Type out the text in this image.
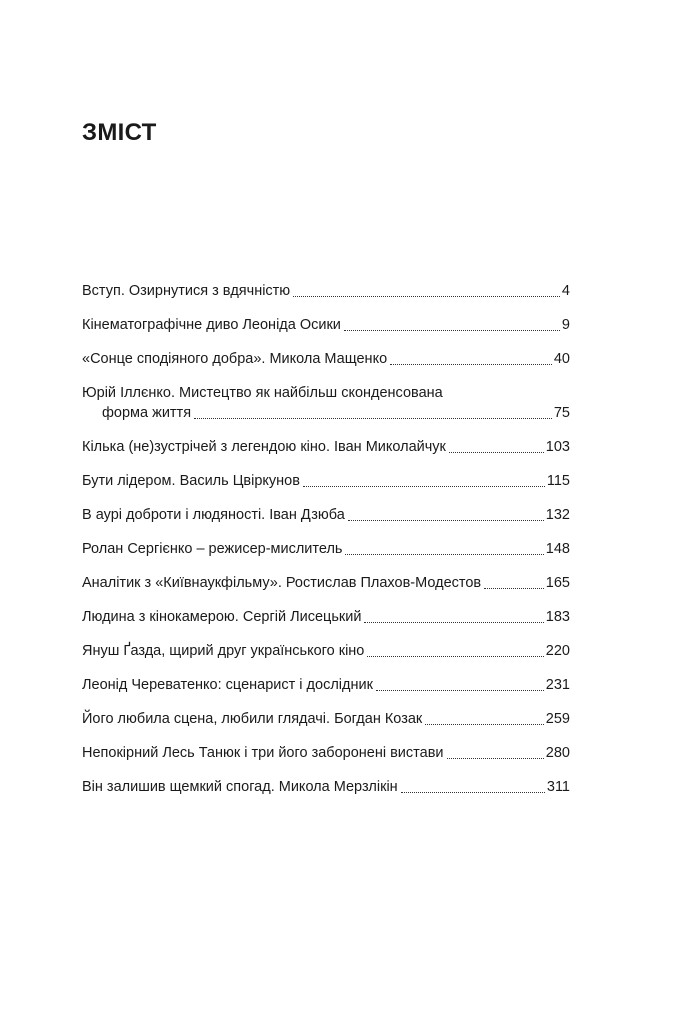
ЗМІСТ
Вступ. Озирнутися з вдячністю	4
Кінематографічне диво Леоніда Осики	9
«Сонце сподіяного добра». Микола Мащенко	40
Юрій Іллєнко. Мистецтво як найбільш сконденсована
форма життя	75
Кілька (не)зустрічей з легендою кіно. Іван Миколайчук	103
Бути лідером. Василь Цвіркунов	115
В аурі доброти і людяності. Іван Дзюба	132
Ролан Сергієнко – режисер-мислитель	148
Аналітик з «Київнаукфільму». Ростислав Плахов-Модестов	165
Людина з кінокамерою. Сергій Лисецький	183
Януш Ґазда, щирий друг українського кіно	220
Леонід Череватенко: сценарист і дослідник	231
Його любила сцена, любили глядачі. Богдан Козак	259
Непокірний Лесь Танюк і три його заборонені вистави	280
Він залишив щемкий спогад. Микола Мерзлікін	311
